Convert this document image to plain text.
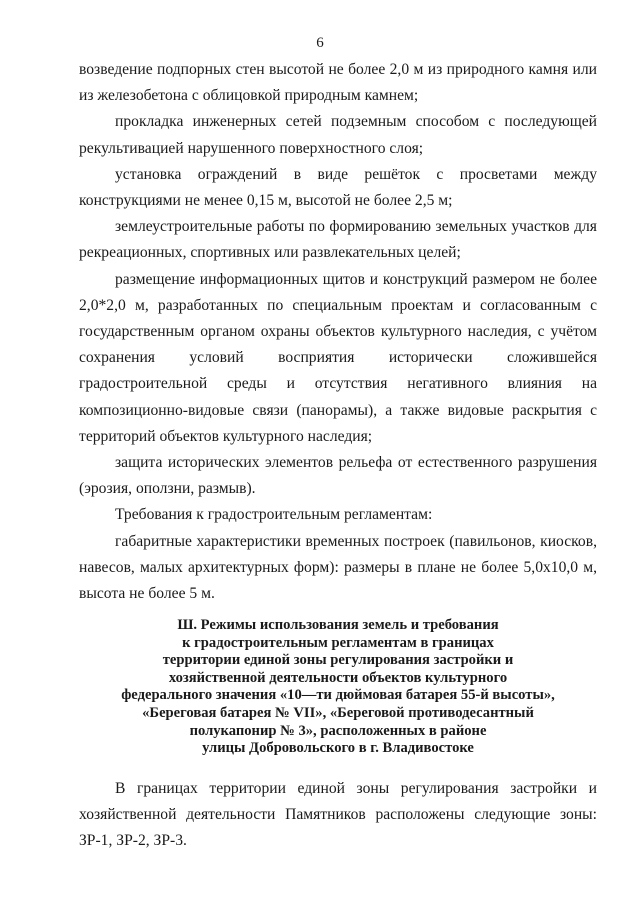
6

возведение подпорных стен высотой не более 2,0 м из природного камня или из железобетона с облицовкой природным камнем;

прокладка инженерных сетей подземным способом с последующей рекультивацией нарушенного поверхностного слоя;

установка ограждений в виде решёток с просветами между конструкциями не менее 0,15 м, высотой не более 2,5 м;

землеустроительные работы по формированию земельных участков для рекреационных, спортивных или развлекательных целей;

размещение информационных щитов и конструкций размером не более 2,0*2,0 м, разработанных по специальным проектам и согласованным с государственным органом охраны объектов культурного наследия, с учётом сохранения условий восприятия исторически сложившейся градостроительной среды и отсутствия негативного влияния на композиционно-видовые связи (панорамы), а также видовые раскрытия с территорий объектов культурного наследия;

защита исторических элементов рельефа от естественного разрушения (эрозия, оползни, размыв).

Требования к градостроительным регламентам:

габаритные характеристики временных построек (павильонов, киосков, навесов, малых архитектурных форм): размеры в плане не более 5,0х10,0 м, высота не более 5 м.

Ш. Режимы использования земель и требования
к градостроительным регламентам в границах
территории единой зоны регулирования застройки и
хозяйственной деятельности объектов культурного
федерального значения «10—ти дюймовая батарея 55-й высоты»,
«Береговая батарея № VII», «Береговой противодесантный
полукапонир № 3», расположенных в районе
улицы Добровольского в г. Владивостоке

В границах территории единой зоны регулирования застройки и хозяйственной деятельности Памятников расположены следующие зоны: ЗР-1, ЗР-2, ЗР-3.
